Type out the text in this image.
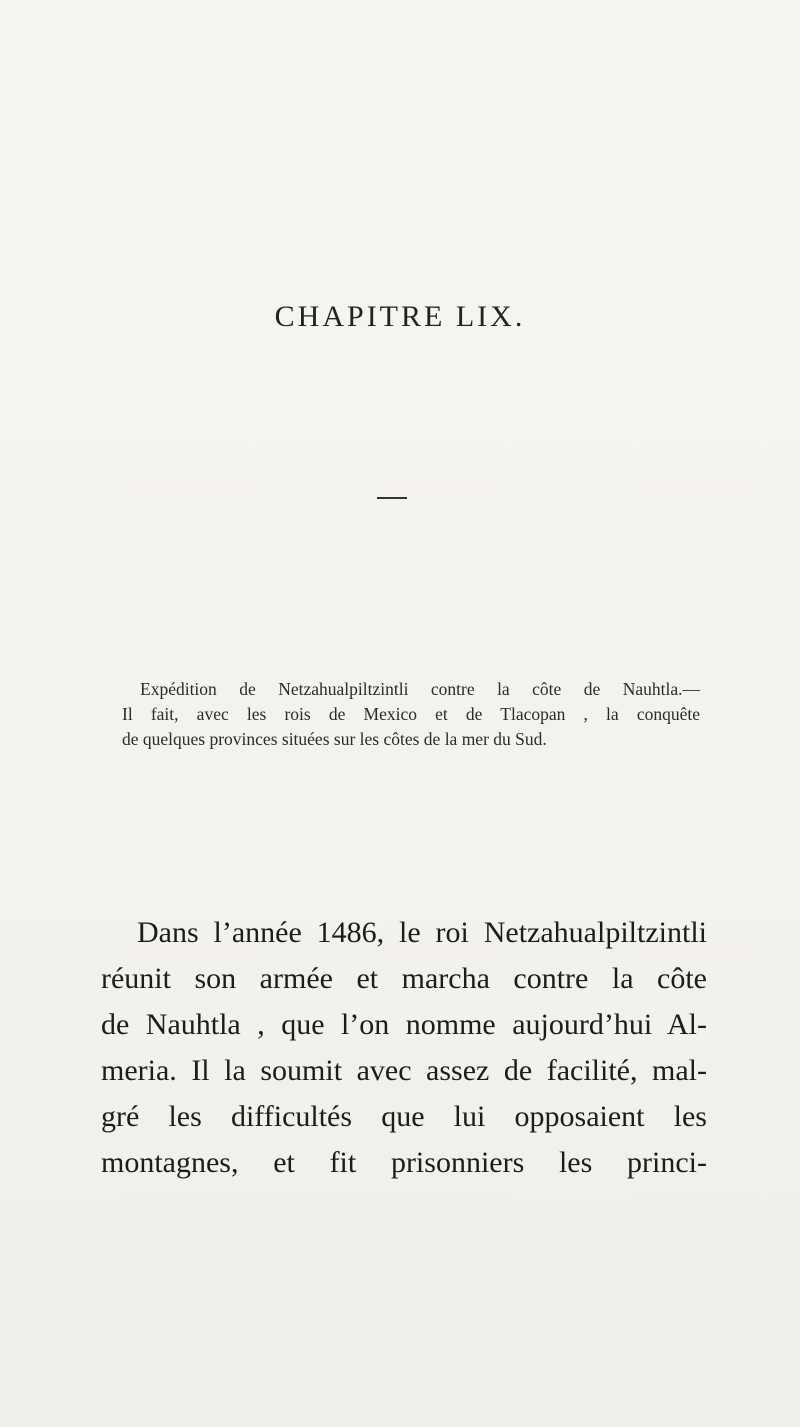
CHAPITRE LIX.

Expédition de Netzahualpiltzintli contre la côte de Nauhtla.—
Il fait, avec les rois de Mexico et de Tlacopan , la conquête
de quelques provinces situées sur les côtes de la mer du Sud.

Dans l’année 1486, le roi Netzahualpiltzintli
réunit son armée et marcha contre la côte
de Nauhtla , que l’on nomme aujourd’hui Al-
meria. Il la soumit avec assez de facilité, mal-
gré les difficultés que lui opposaient les
montagnes, et fit prisonniers les princi-
